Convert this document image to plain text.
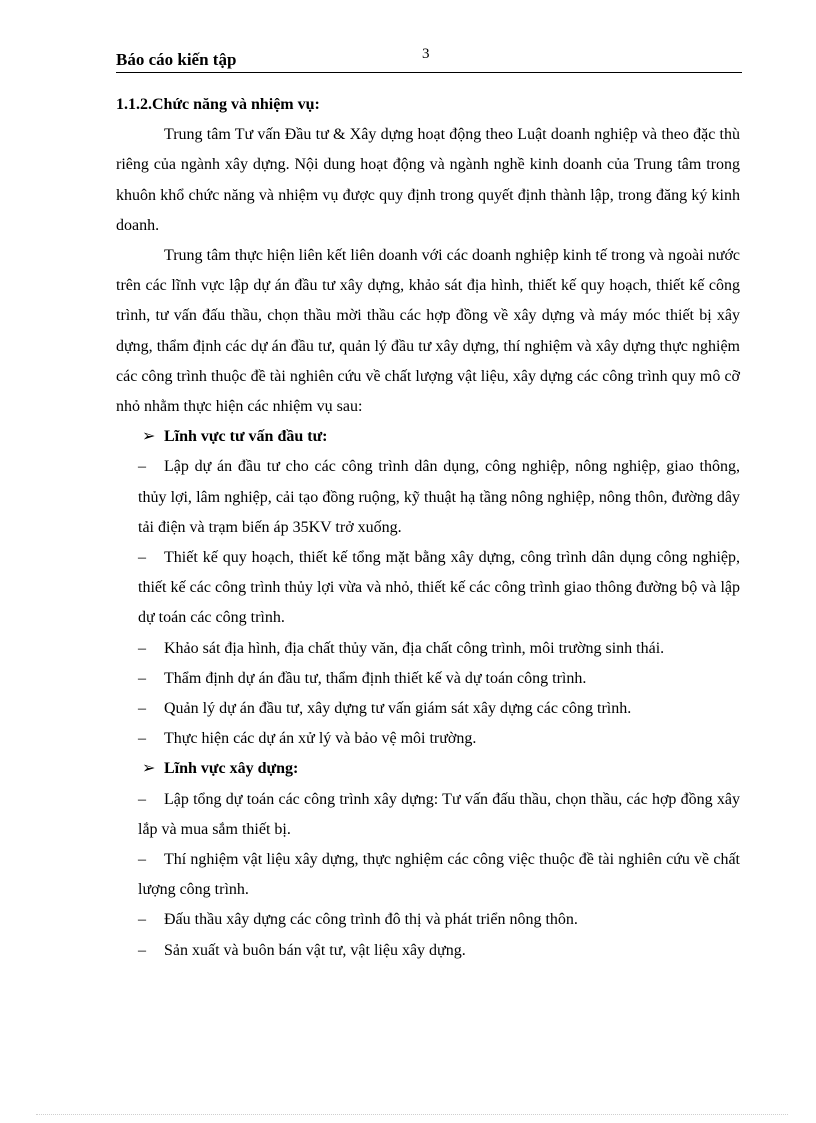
Báo cáo kiến tập	3

1.1.2.Chức năng và nhiệm vụ:

Trung tâm Tư vấn Đầu tư & Xây dựng hoạt động theo Luật doanh nghiệp và theo đặc thù riêng của ngành xây dựng. Nội dung hoạt động và ngành nghề kinh doanh của Trung tâm trong khuôn khổ chức năng và nhiệm vụ được quy định trong quyết định thành lập, trong đăng ký kinh doanh.

Trung tâm thực hiện liên kết liên doanh với các doanh nghiệp kinh tế trong và ngoài nước trên các lĩnh vực lập dự án đầu tư xây dựng, khảo sát địa hình, thiết kế quy hoạch, thiết kế công trình, tư vấn đấu thầu, chọn thầu mời thầu các hợp đồng về xây dựng và máy móc thiết bị xây dựng, thẩm định các dự án đầu tư, quản lý đầu tư xây dựng, thí nghiệm và xây dựng thực nghiệm các công trình thuộc đề tài nghiên cứu về chất lượng vật liệu, xây dựng các công trình quy mô cỡ nhỏ nhằm thực hiện các nhiệm vụ sau:

➢ Lĩnh vực tư vấn đầu tư:

– Lập dự án đầu tư cho các công trình dân dụng, công nghiệp, nông nghiệp, giao thông, thủy lợi, lâm nghiệp, cải tạo đồng ruộng, kỹ thuật hạ tầng nông nghiệp, nông thôn, đường dây tải điện và trạm biến áp 35KV trở xuống.

– Thiết kế quy hoạch, thiết kế tổng mặt bằng xây dựng, công trình dân dụng công nghiệp, thiết kế các công trình thủy lợi vừa và nhỏ, thiết kế các công trình giao thông đường bộ và lập dự toán các công trình.

– Khảo sát địa hình, địa chất thủy văn, địa chất công trình, môi trường sinh thái.

– Thẩm định dự án đầu tư, thẩm định thiết kế và dự toán công trình.

– Quản lý dự án đầu tư, xây dựng tư vấn giám sát xây dựng các công trình.

– Thực hiện các dự án xử lý và bảo vệ môi trường.

➢ Lĩnh vực xây dựng:

– Lập tổng dự toán các công trình xây dựng: Tư vấn đấu thầu, chọn thầu, các hợp đồng xây lắp và mua sắm thiết bị.

– Thí nghiệm vật liệu xây dựng, thực nghiệm các công việc thuộc đề tài nghiên cứu về chất lượng công trình.

– Đấu thầu xây dựng các công trình đô thị và phát triển nông thôn.

– Sản xuất và buôn bán vật tư, vật liệu xây dựng.
